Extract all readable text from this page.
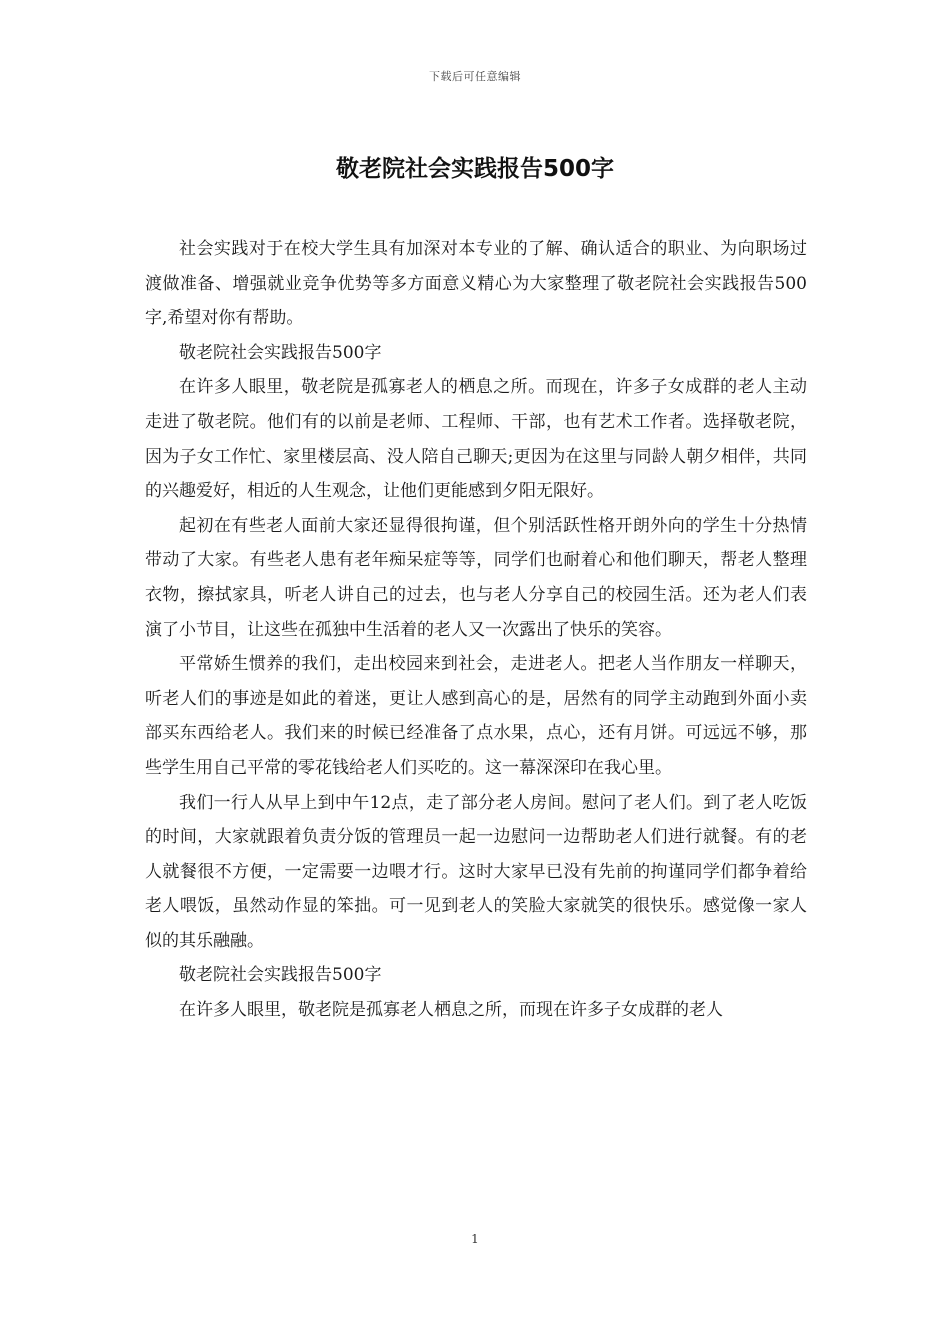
下载后可任意编辑
敬老院社会实践报告500字

社会实践对于在校大学生具有加深对本专业的了解、确认适合的职业、为向职场过渡做准备、增强就业竞争优势等多方面意义精心为大家整理了敬老院社会实践报告500字,希望对你有帮助。

敬老院社会实践报告500字

在许多人眼里，敬老院是孤寡老人的栖息之所。而现在，许多子女成群的老人主动走进了敬老院。他们有的以前是老师、工程师、干部，也有艺术工作者。选择敬老院，因为子女工作忙、家里楼层高、没人陪自己聊天;更因为在这里与同龄人朝夕相伴，共同的兴趣爱好，相近的人生观念，让他们更能感到夕阳无限好。

起初在有些老人面前大家还显得很拘谨，但个别活跃性格开朗外向的学生十分热情带动了大家。有些老人患有老年痴呆症等等，同学们也耐着心和他们聊天，帮老人整理衣物，擦拭家具，听老人讲自己的过去，也与老人分享自己的校园生活。还为老人们表演了小节目，让这些在孤独中生活着的老人又一次露出了快乐的笑容。

平常娇生惯养的我们，走出校园来到社会，走进老人。把老人当作朋友一样聊天，听老人们的事迹是如此的着迷，更让人感到高心的是，居然有的同学主动跑到外面小卖部买东西给老人。我们来的时候已经准备了点水果，点心，还有月饼。可远远不够，那些学生用自己平常的零花钱给老人们买吃的。这一幕深深印在我心里。

我们一行人从早上到中午12点，走了部分老人房间。慰问了老人们。到了老人吃饭的时间，大家就跟着负责分饭的管理员一起一边慰问一边帮助老人们进行就餐。有的老人就餐很不方便，一定需要一边喂才行。这时大家早已没有先前的拘谨同学们都争着给老人喂饭，虽然动作显的笨拙。可一见到老人的笑脸大家就笑的很快乐。感觉像一家人似的其乐融融。

敬老院社会实践报告500字

在许多人眼里，敬老院是孤寡老人栖息之所，而现在许多子女成群的老人

1
